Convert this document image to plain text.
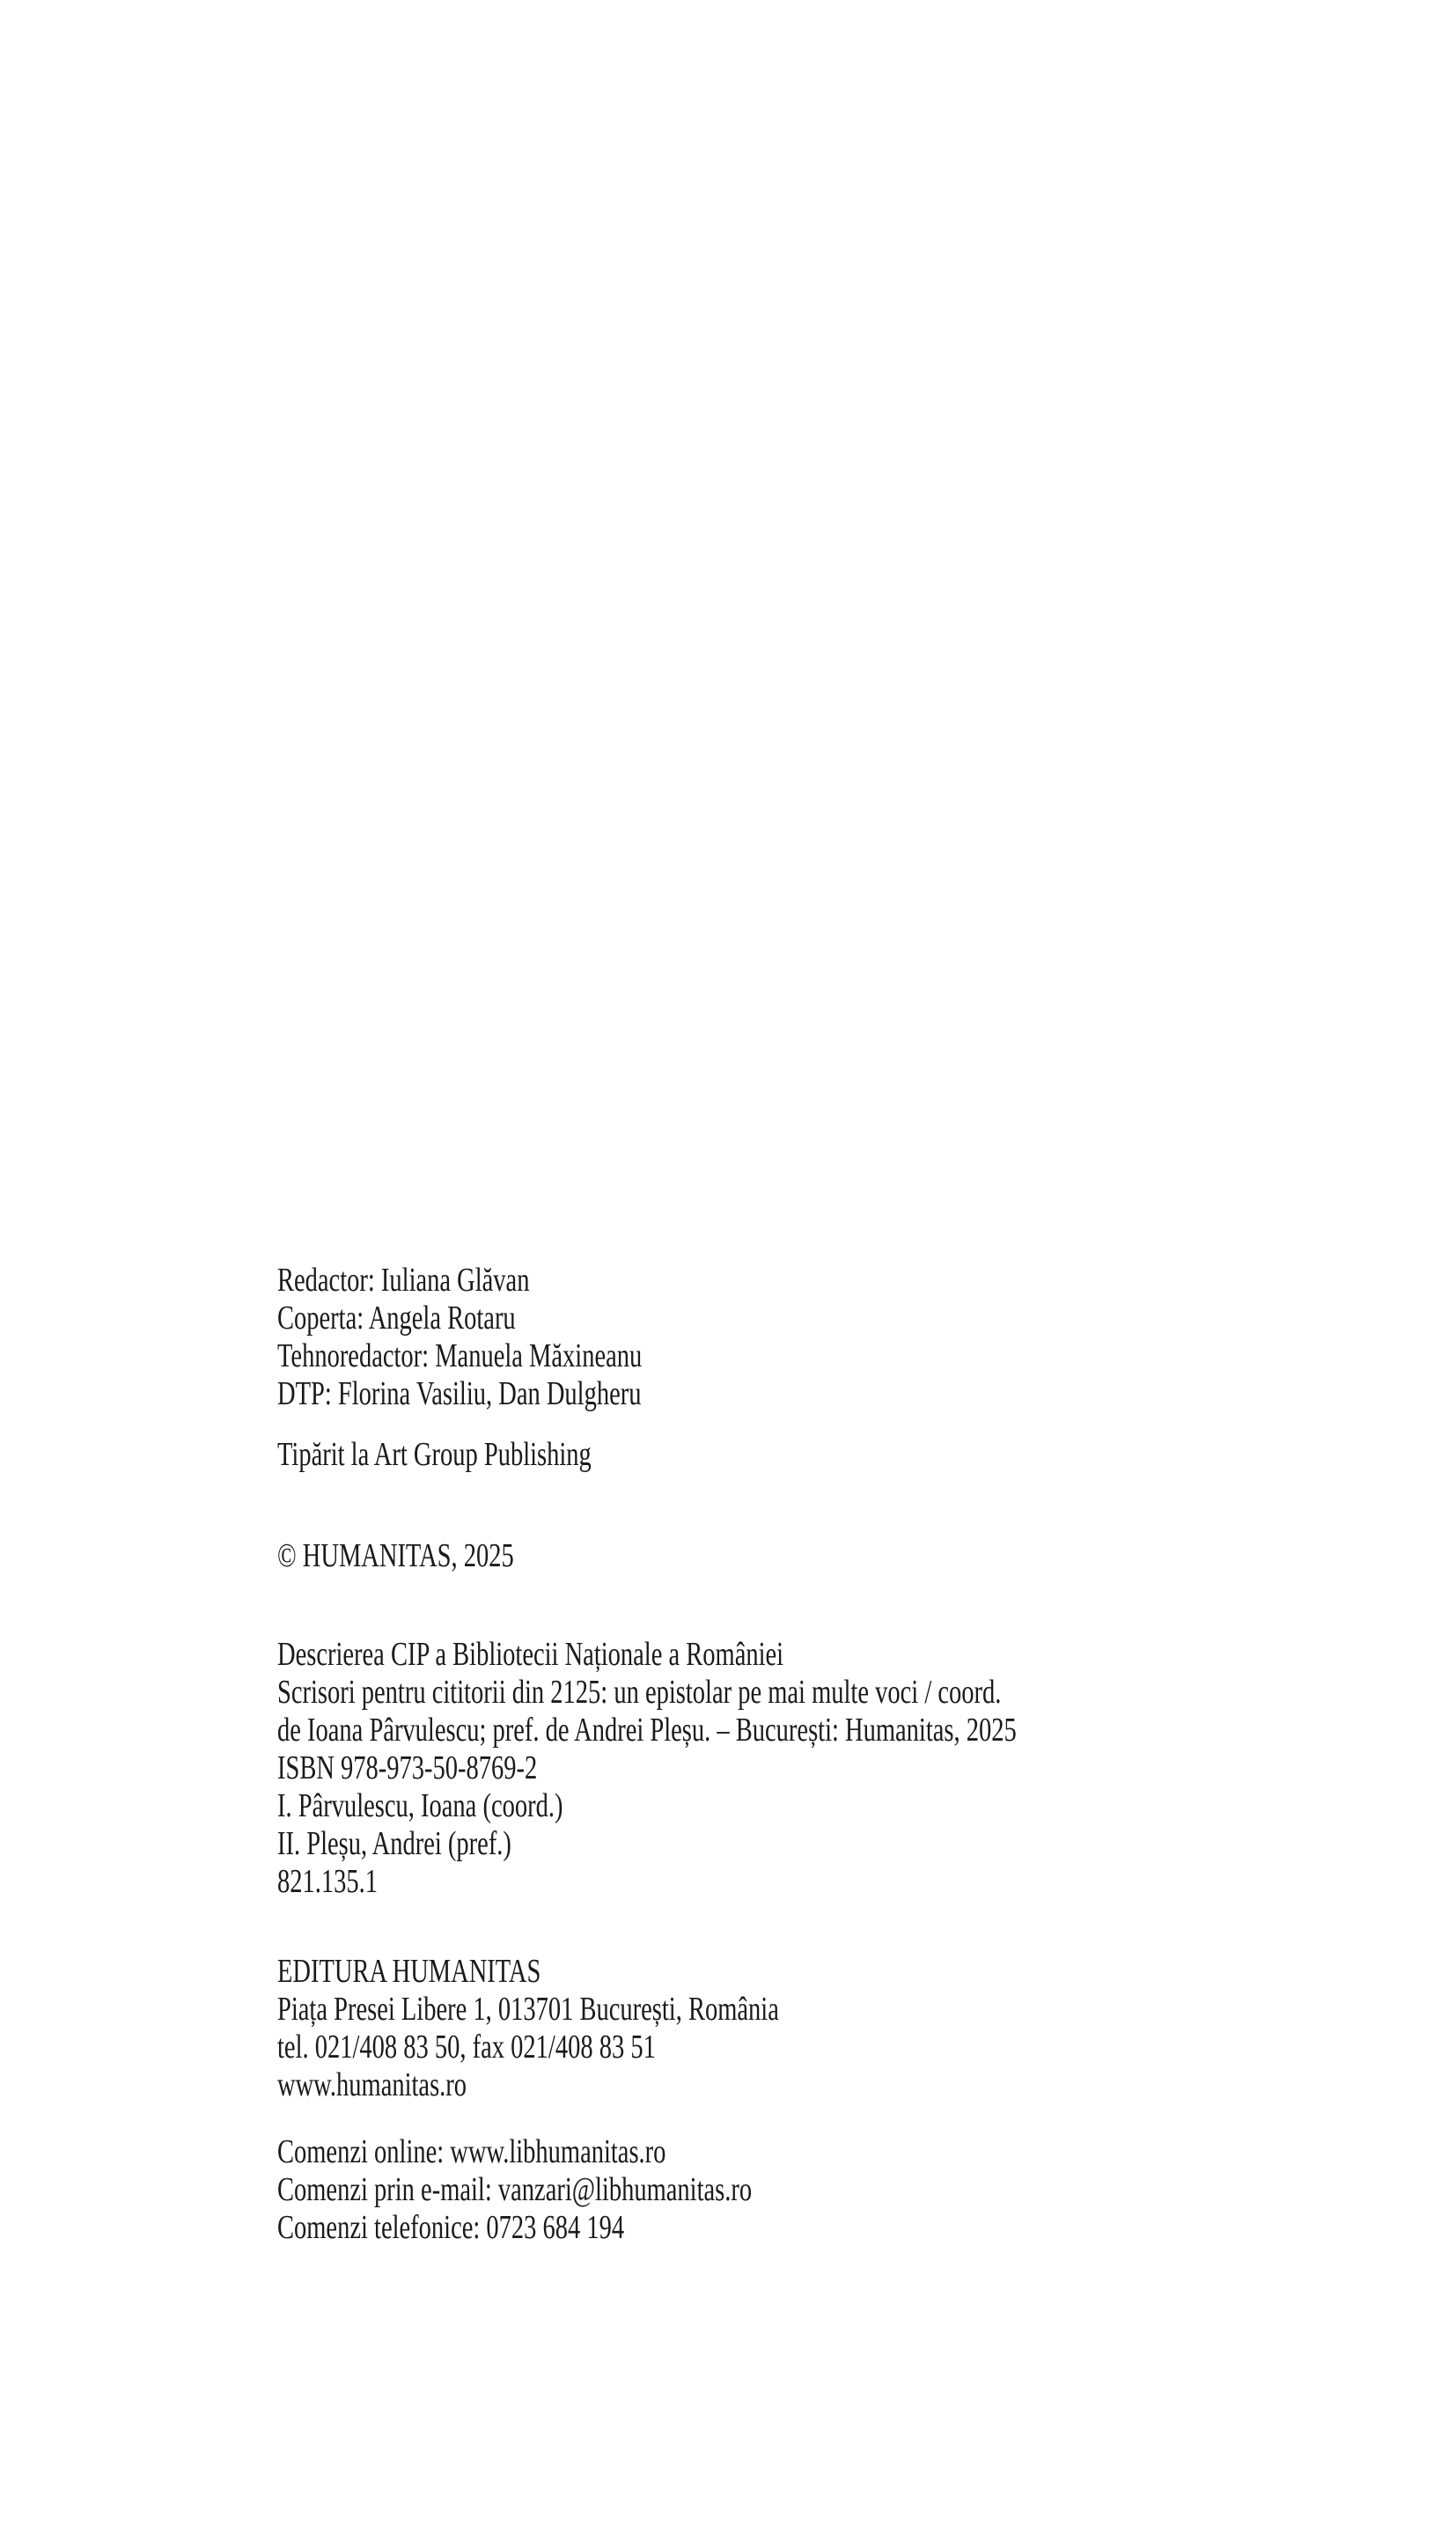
Redactor: Iuliana Glăvan

Coperta: Angela Rotaru

Tehnoredactor: Manuela Măxineanu

DTP: Florina Vasiliu, Dan Dulgheru

Tipărit la Art Group Publishing

© HUMANITAS, 2025

Descrierea CIP a Bibliotecii Naționale a României

Scrisori pentru cititorii din 2125: un epistolar pe mai multe voci / coord.

de Ioana Pârvulescu; pref. de Andrei Pleșu. – București: Humanitas, 2025

ISBN 978-973-50-8769-2

I. Pârvulescu, Ioana (coord.)

II. Pleșu, Andrei (pref.)

821.135.1

EDITURA HUMANITAS

Piața Presei Libere 1, 013701 București, România

tel. 021/408 83 50, fax 021/408 83 51

www.humanitas.ro

Comenzi online: www.libhumanitas.ro

Comenzi prin e-mail: vanzari@libhumanitas.ro

Comenzi telefonice: 0723 684 194
